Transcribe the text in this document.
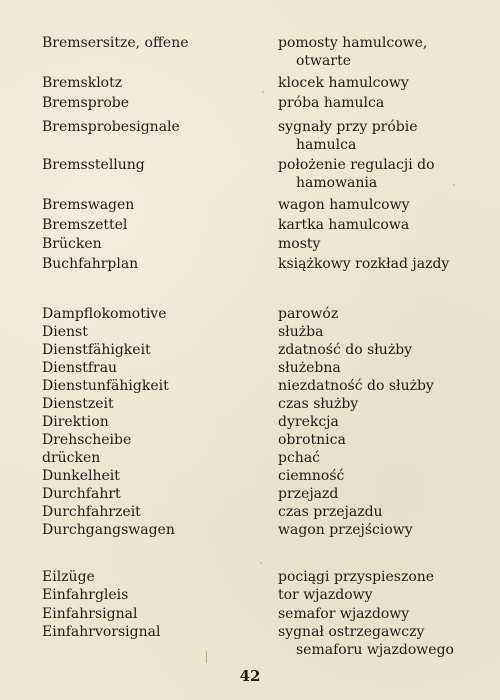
Bremsersitze, offene	pomosty hamulcowe,
otwarte
Bremsklotz	klocek hamulcowy
Bremsprobe	próba hamulca
Bremsprobesignale	sygnały przy próbie
hamulca
Bremsstellung	położenie regulacji do
hamowania
Bremswagen	wagon hamulcowy
Bremszettel	kartka hamulcowa
Brücken	mosty
Buchfahrplan	książkowy rozkład jazdy
Dampflokomotive	parowóz
Dienst	służba
Dienstfähigkeit	zdatność do służby
Dienstfrau	służebna
Dienstunfähigkeit	niezdatność do służby
Dienstzeit	czas służby
Direktion	dyrekcja
Drehscheibe	obrotnica
drücken	pchać
Dunkelheit	ciemność
Durchfahrt	przejazd
Durchfahrzeit	czas przejazdu
Durchgangswagen	wagon przejściowy
Eilzüge	pociągi przyspieszone
Einfahrgleis	tor wjazdowy
Einfahrsignal	semafor wjazdowy
Einfahrvorsignal	sygnał ostrzegawczy
semaforu wjazdowego
42
